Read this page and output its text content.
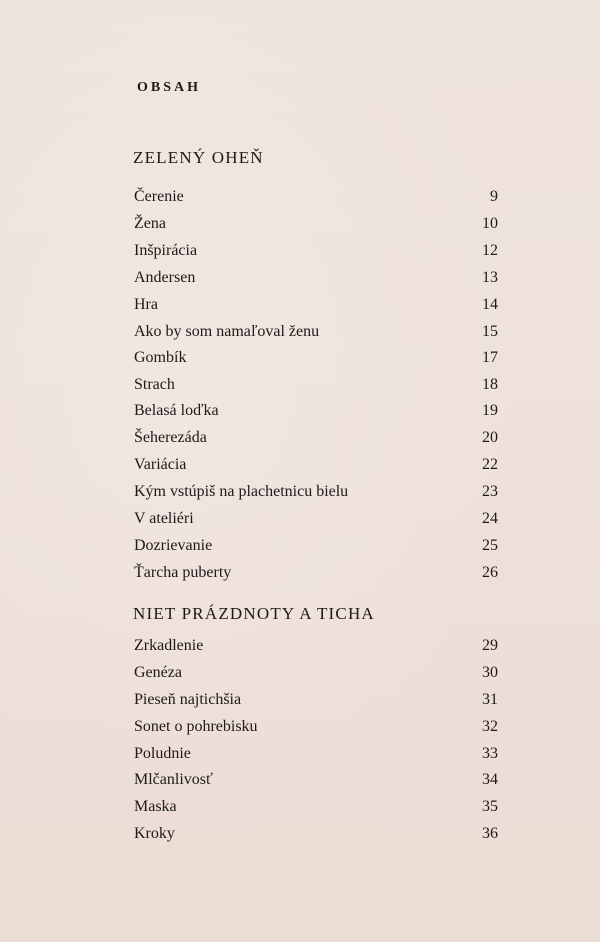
OBSAH
ZELENÝ OHEŇ
Čerenie	9
Žena	10
Inšpirácia	12
Andersen	13
Hra	14
Ako by som namaľoval ženu	15
Gombík	17
Strach	18
Belasá loďka	19
Šeherezáda	20
Variácia	22
Kým vstúpiš na plachetnicu bielu	23
V ateliéri	24
Dozrievanie	25
Ťarcha puberty	26
NIET PRÁZDNOTY A TICHA
Zrkadlenie	29
Genéza	30
Pieseň najtichšia	31
Sonet o pohrebisku	32
Poludnie	33
Mlčanlivosť	34
Maska	35
Kroky	36
